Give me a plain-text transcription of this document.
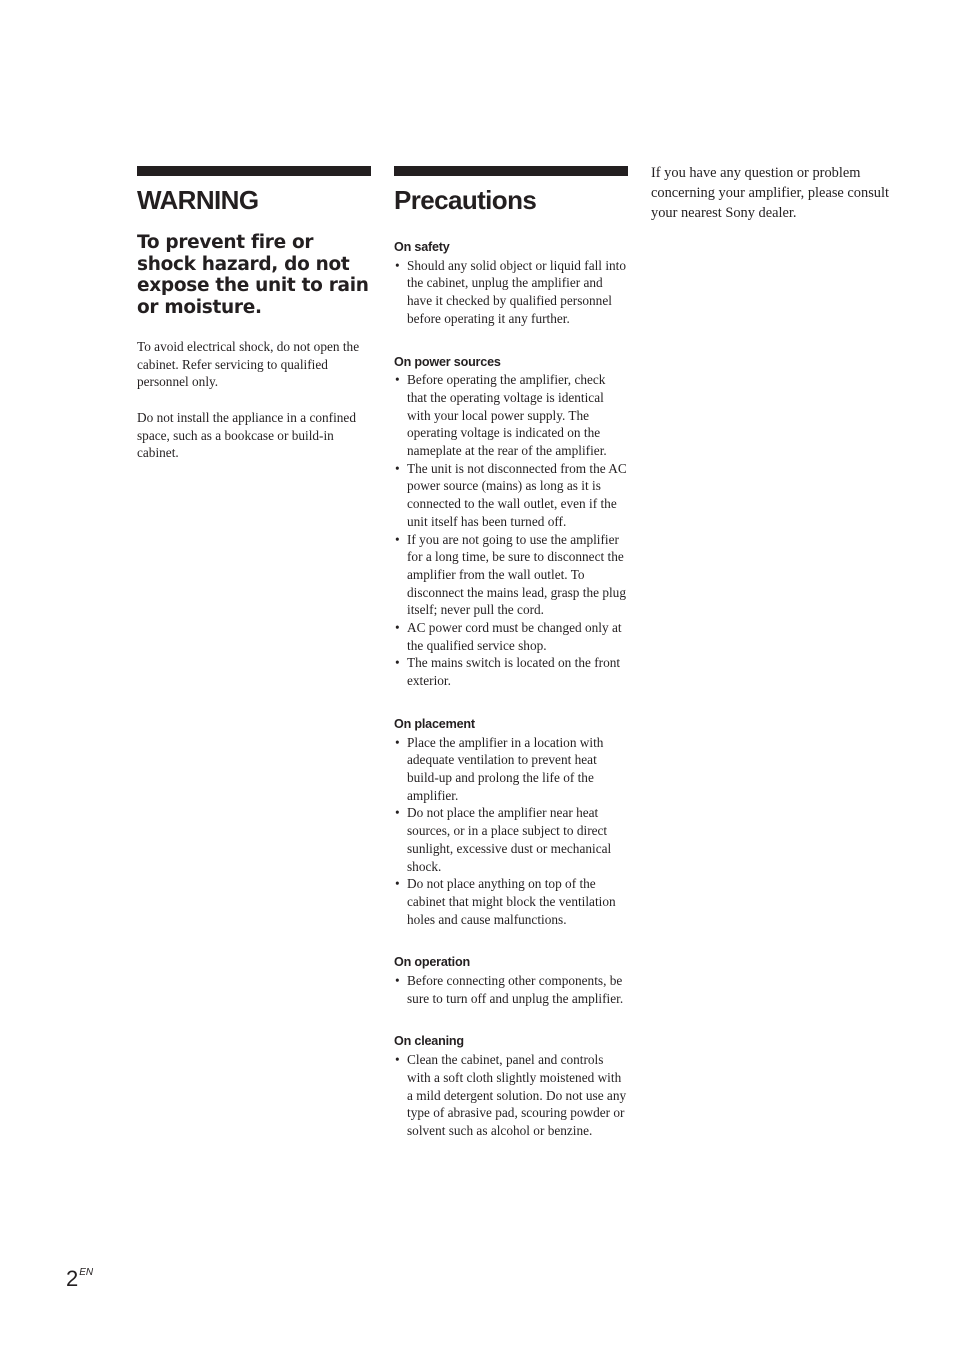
WARNING

To prevent fire or shock hazard, do not expose the unit to rain or moisture.

To avoid electrical shock, do not open the cabinet. Refer servicing to qualified personnel only.

Do not install the appliance in a confined space, such as a bookcase or build-in cabinet.

Precautions
On safety
• Should any solid object or liquid fall into the cabinet, unplug the amplifier and have it checked by qualified personnel before operating it any further.
On power sources
• Before operating the amplifier, check that the operating voltage is identical with your local power supply. The operating voltage is indicated on the nameplate at the rear of the amplifier.
• The unit is not disconnected from the AC power source (mains) as long as it is connected to the wall outlet, even if the unit itself has been turned off.
• If you are not going to use the amplifier for a long time, be sure to disconnect the amplifier from the wall outlet. To disconnect the mains lead, grasp the plug itself; never pull the cord.
• AC power cord must be changed only at the qualified service shop.
• The mains switch is located on the front exterior.
On placement
• Place the amplifier in a location with adequate ventilation to prevent heat build-up and prolong the life of the amplifier.
• Do not place the amplifier near heat sources, or in a place subject to direct sunlight, excessive dust or mechanical shock.
• Do not place anything on top of the cabinet that might block the ventilation holes and cause malfunctions.
On operation
• Before connecting other components, be sure to turn off and unplug the amplifier.
On cleaning
• Clean the cabinet, panel and controls with a soft cloth slightly moistened with a mild detergent solution. Do not use any type of abrasive pad, scouring powder or solvent such as alcohol or benzine.

If you have any question or problem concerning your amplifier, please consult your nearest Sony dealer.

$2^{EN}$
